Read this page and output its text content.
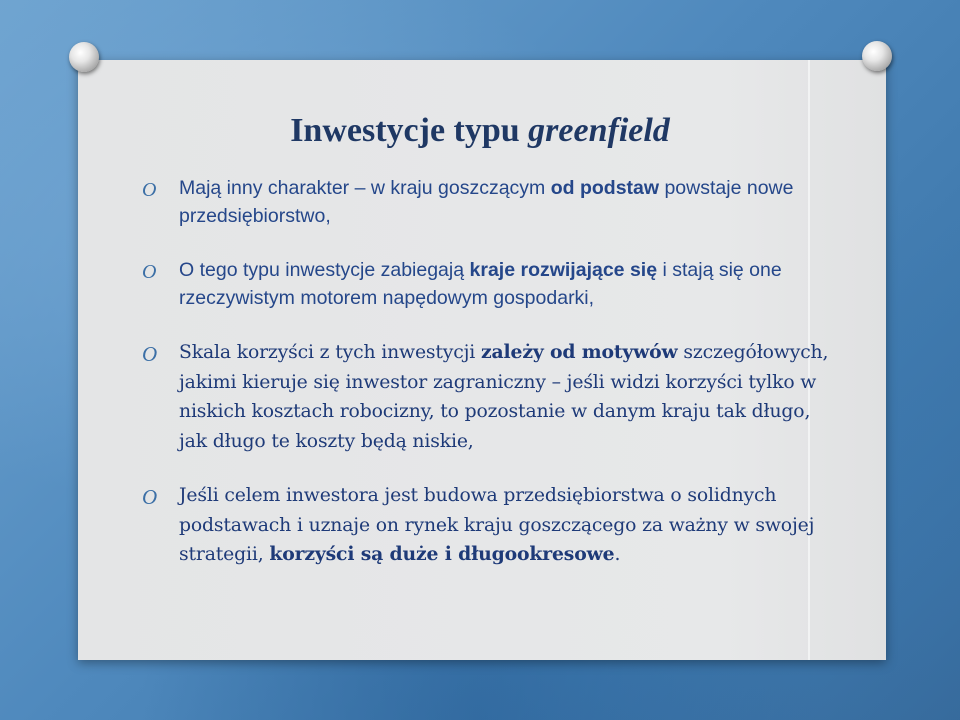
Inwestycje typu greenfield
O Mają inny charakter – w kraju goszczącym od podstaw powstaje nowe przedsiębiorstwo,
O O tego typu inwestycje zabiegają kraje rozwijające się i stają się one rzeczywistym motorem napędowym gospodarki,
O Skala korzyści z tych inwestycji zależy od motywów szczegółowych, jakimi kieruje się inwestor zagraniczny – jeśli widzi korzyści tylko w niskich kosztach robocizny, to pozostanie w danym kraju tak długo, jak długo te koszty będą niskie,
O Jeśli celem inwestora jest budowa przedsiębiorstwa o solidnych podstawach i uznaje on rynek kraju goszczącego za ważny w swojej strategii, korzyści są duże i długookresowe.
